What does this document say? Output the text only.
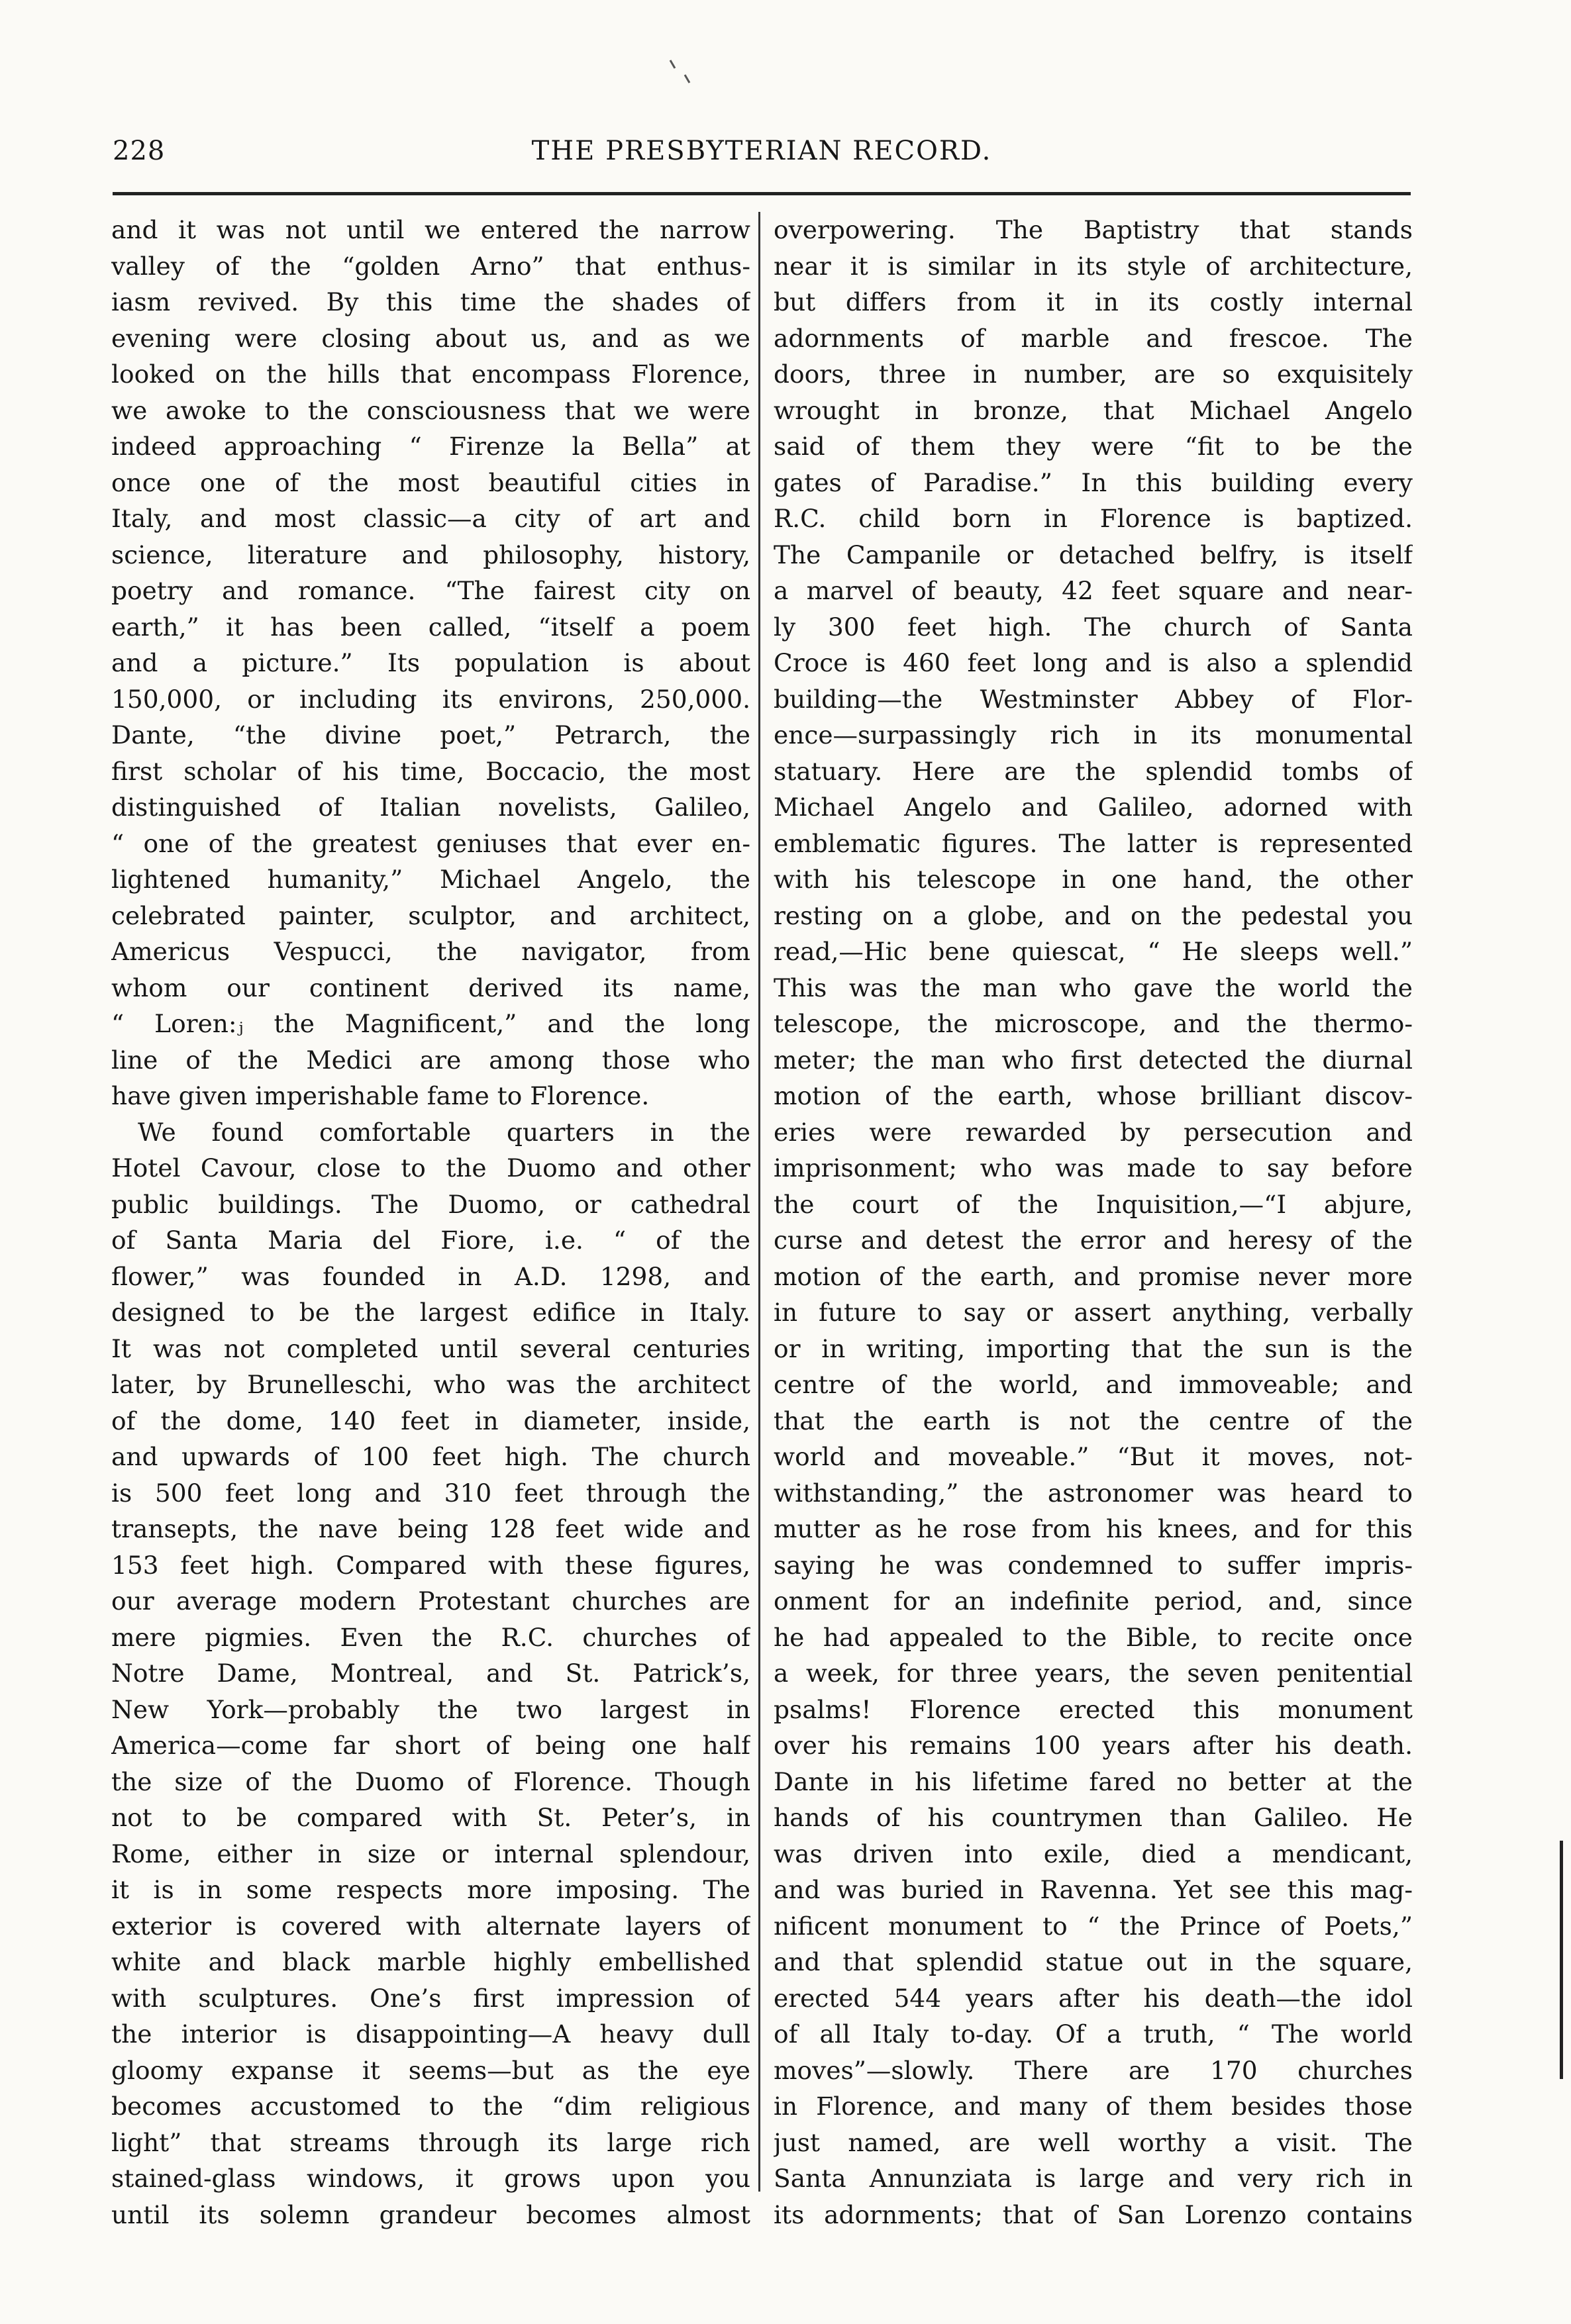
228	THE PRESBYTERIAN RECORD.
and it was not until we entered the narrow
valley of the “golden Arno” that enthus-
iasm revived. By this time the shades of
evening were closing about us, and as we
looked on the hills that encompass Florence,
we awoke to the consciousness that we were
indeed approaching “ Firenze la Bella” at
once one of the most beautiful cities in
Italy, and most classic—a city of art and
science, literature and philosophy, history,
poetry and romance. “The fairest city on
earth,” it has been called, “itself a poem
and a picture.” Its population is about
150,000, or including its environs, 250,000.
Dante, “the divine poet,” Petrarch, the
first scholar of his time, Boccacio, the most
distinguished of Italian novelists, Galileo,
“ one of the greatest geniuses that ever en-
lightened humanity,” Michael Angelo, the
celebrated painter, sculptor, and architect,
Americus Vespucci, the navigator, from
whom our continent derived its name,
“ Loren:ⱼ the Magnificent,” and the long
line of the Medici are among those who
have given imperishable fame to Florence.
We found comfortable quarters in the
Hotel Cavour, close to the Duomo and other
public buildings. The Duomo, or cathedral
of Santa Maria del Fiore, i.e. “ of the
flower,” was founded in A.D. 1298, and
designed to be the largest edifice in Italy.
It was not completed until several centuries
later, by Brunelleschi, who was the architect
of the dome, 140 feet in diameter, inside,
and upwards of 100 feet high. The church
is 500 feet long and 310 feet through the
transepts, the nave being 128 feet wide and
153 feet high. Compared with these figures,
our average modern Protestant churches are
mere pigmies. Even the R.C. churches of
Notre Dame, Montreal, and St. Patrick’s,
New York—probably the two largest in
America—come far short of being one half
the size of the Duomo of Florence. Though
not to be compared with St. Peter’s, in
Rome, either in size or internal splendour,
it is in some respects more imposing. The
exterior is covered with alternate layers of
white and black marble highly embellished
with sculptures. One’s first impression of
the interior is disappointing—A heavy dull
gloomy expanse it seems—but as the eye
becomes accustomed to the “dim religious
light” that streams through its large rich
stained-glass windows, it grows upon you
until its solemn grandeur becomes almost
overpowering. The Baptistry that stands
near it is similar in its style of architecture,
but differs from it in its costly internal
adornments of marble and frescoe. The
doors, three in number, are so exquisitely
wrought in bronze, that Michael Angelo
said of them they were “fit to be the
gates of Paradise.” In this building every
R.C. child born in Florence is baptized.
The Campanile or detached belfry, is itself
a marvel of beauty, 42 feet square and near-
ly 300 feet high. The church of Santa
Croce is 460 feet long and is also a splendid
building—the Westminster Abbey of Flor-
ence—surpassingly rich in its monumental
statuary. Here are the splendid tombs of
Michael Angelo and Galileo, adorned with
emblematic figures. The latter is represented
with his telescope in one hand, the other
resting on a globe, and on the pedestal you
read,—Hic bene quiescat, “ He sleeps well.”
This was the man who gave the world the
telescope, the microscope, and the thermo-
meter; the man who first detected the diurnal
motion of the earth, whose brilliant discov-
eries were rewarded by persecution and
imprisonment; who was made to say before
the court of the Inquisition,—“I abjure,
curse and detest the error and heresy of the
motion of the earth, and promise never more
in future to say or assert anything, verbally
or in writing, importing that the sun is the
centre of the world, and immoveable; and
that the earth is not the centre of the
world and moveable.” “But it moves, not-
withstanding,” the astronomer was heard to
mutter as he rose from his knees, and for this
saying he was condemned to suffer impris-
onment for an indefinite period, and, since
he had appealed to the Bible, to recite once
a week, for three years, the seven penitential
psalms! Florence erected this monument
over his remains 100 years after his death.
Dante in his lifetime fared no better at the
hands of his countrymen than Galileo. He
was driven into exile, died a mendicant,
and was buried in Ravenna. Yet see this mag-
nificent monument to “ the Prince of Poets,”
and that splendid statue out in the square,
erected 544 years after his death—the idol
of all Italy to-day. Of a truth, “ The world
moves”—slowly. There are 170 churches
in Florence, and many of them besides those
just named, are well worthy a visit. The
Santa Annunziata is large and very rich in
its adornments; that of San Lorenzo contains
